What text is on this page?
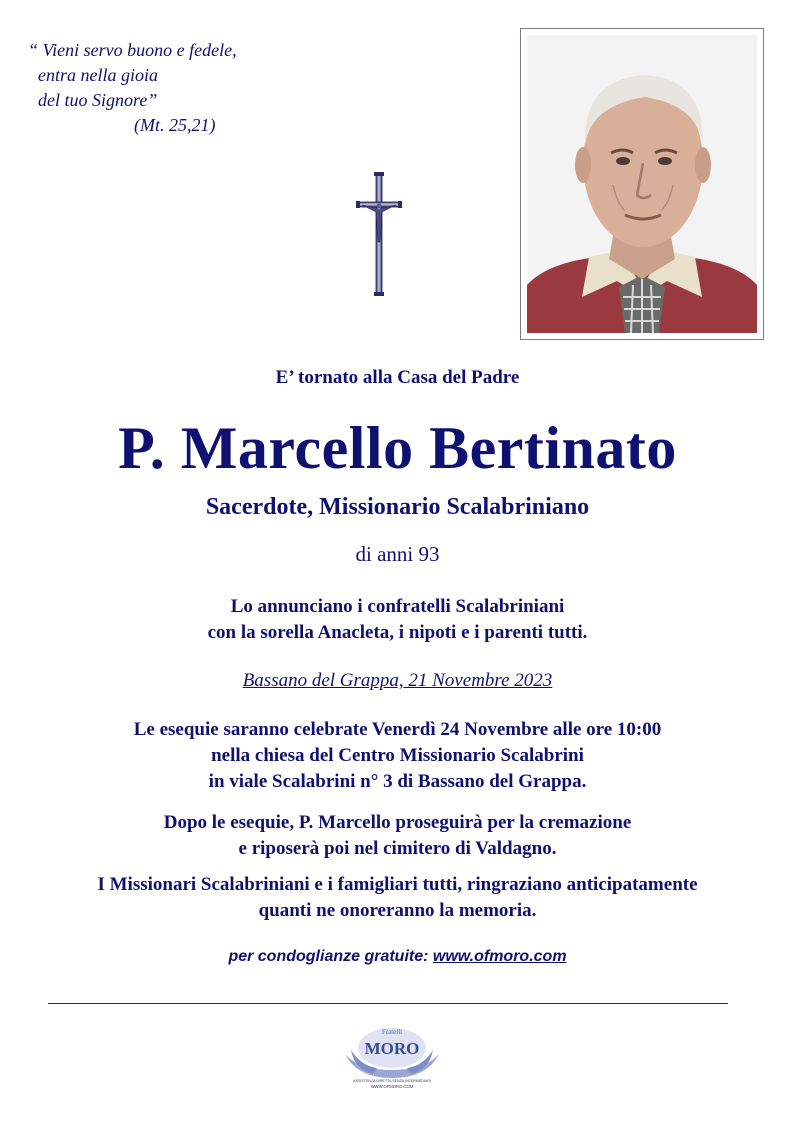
“ Vieni servo buono e fedele,
entra nella gioia
del tuo Signore”
(Mt. 25,21)
E’ tornato alla Casa del Padre
P. Marcello Bertinato
Sacerdote, Missionario Scalabriniano
di anni 93
Lo annunciano i confratelli Scalabriniani
con la sorella Anacleta, i nipoti e i parenti tutti.
Bassano del Grappa, 21 Novembre 2023
Le esequie saranno celebrate Venerdì 24 Novembre alle ore 10:00
nella chiesa del Centro Missionario Scalabrini
in viale Scalabrini n° 3 di Bassano del Grappa.
Dopo le esequie, P. Marcello proseguirà per la cremazione
e riposerà poi nel cimitero di Valdagno.
I Missionari Scalabriniani e i famigliari tutti, ringraziano anticipatamente
quanti ne onoreranno la memoria.
per condoglianze gratuite: www.ofmoro.com
Fratelli
MORO
ASSISTENZA DIRETTA SENZA INTERMEDIARI
WWW.OFMORO.COM
